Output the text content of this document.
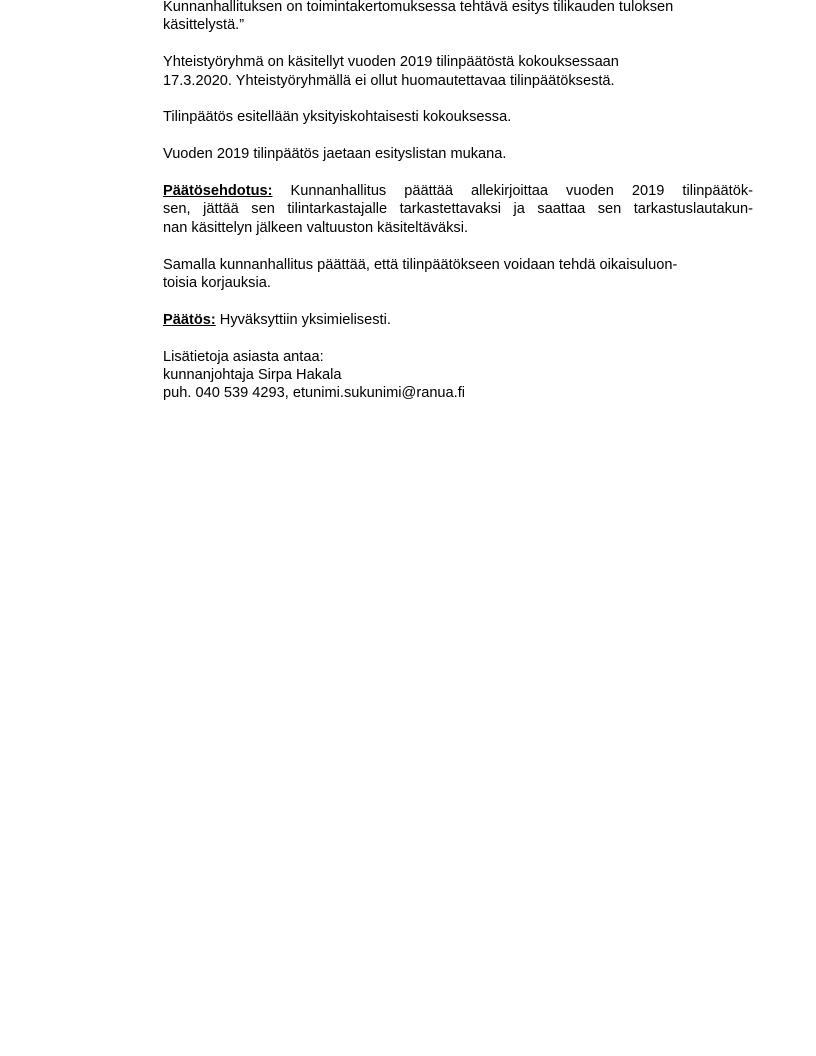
Kunnanhallituksen on toimintakertomuksessa tehtävä esitys tilikauden tuloksen
käsittelystä.”

Yhteistyöryhmä on käsitellyt vuoden 2019 tilinpäätöstä kokouksessaan
17.3.2020. Yhteistyöryhmällä ei ollut huomautettavaa tilinpäätöksestä.

Tilinpäätös esitellään yksityiskohtaisesti kokouksessa.

Vuoden 2019 tilinpäätös jaetaan esityslistan mukana.

Päätösehdotus: Kunnanhallitus päättää allekirjoittaa vuoden 2019 tilinpäätök-
sen, jättää sen tilintarkastajalle tarkastettavaksi ja saattaa sen tarkastuslautakun-
nan käsittelyn jälkeen valtuuston käsiteltäväksi.

Samalla kunnanhallitus päättää, että tilinpäätökseen voidaan tehdä oikaisuluon-
toisia korjauksia.

Päätös: Hyväksyttiin yksimielisesti.

Lisätietoja asiasta antaa:
kunnanjohtaja Sirpa Hakala
puh. 040 539 4293, etunimi.sukunimi@ranua.fi
